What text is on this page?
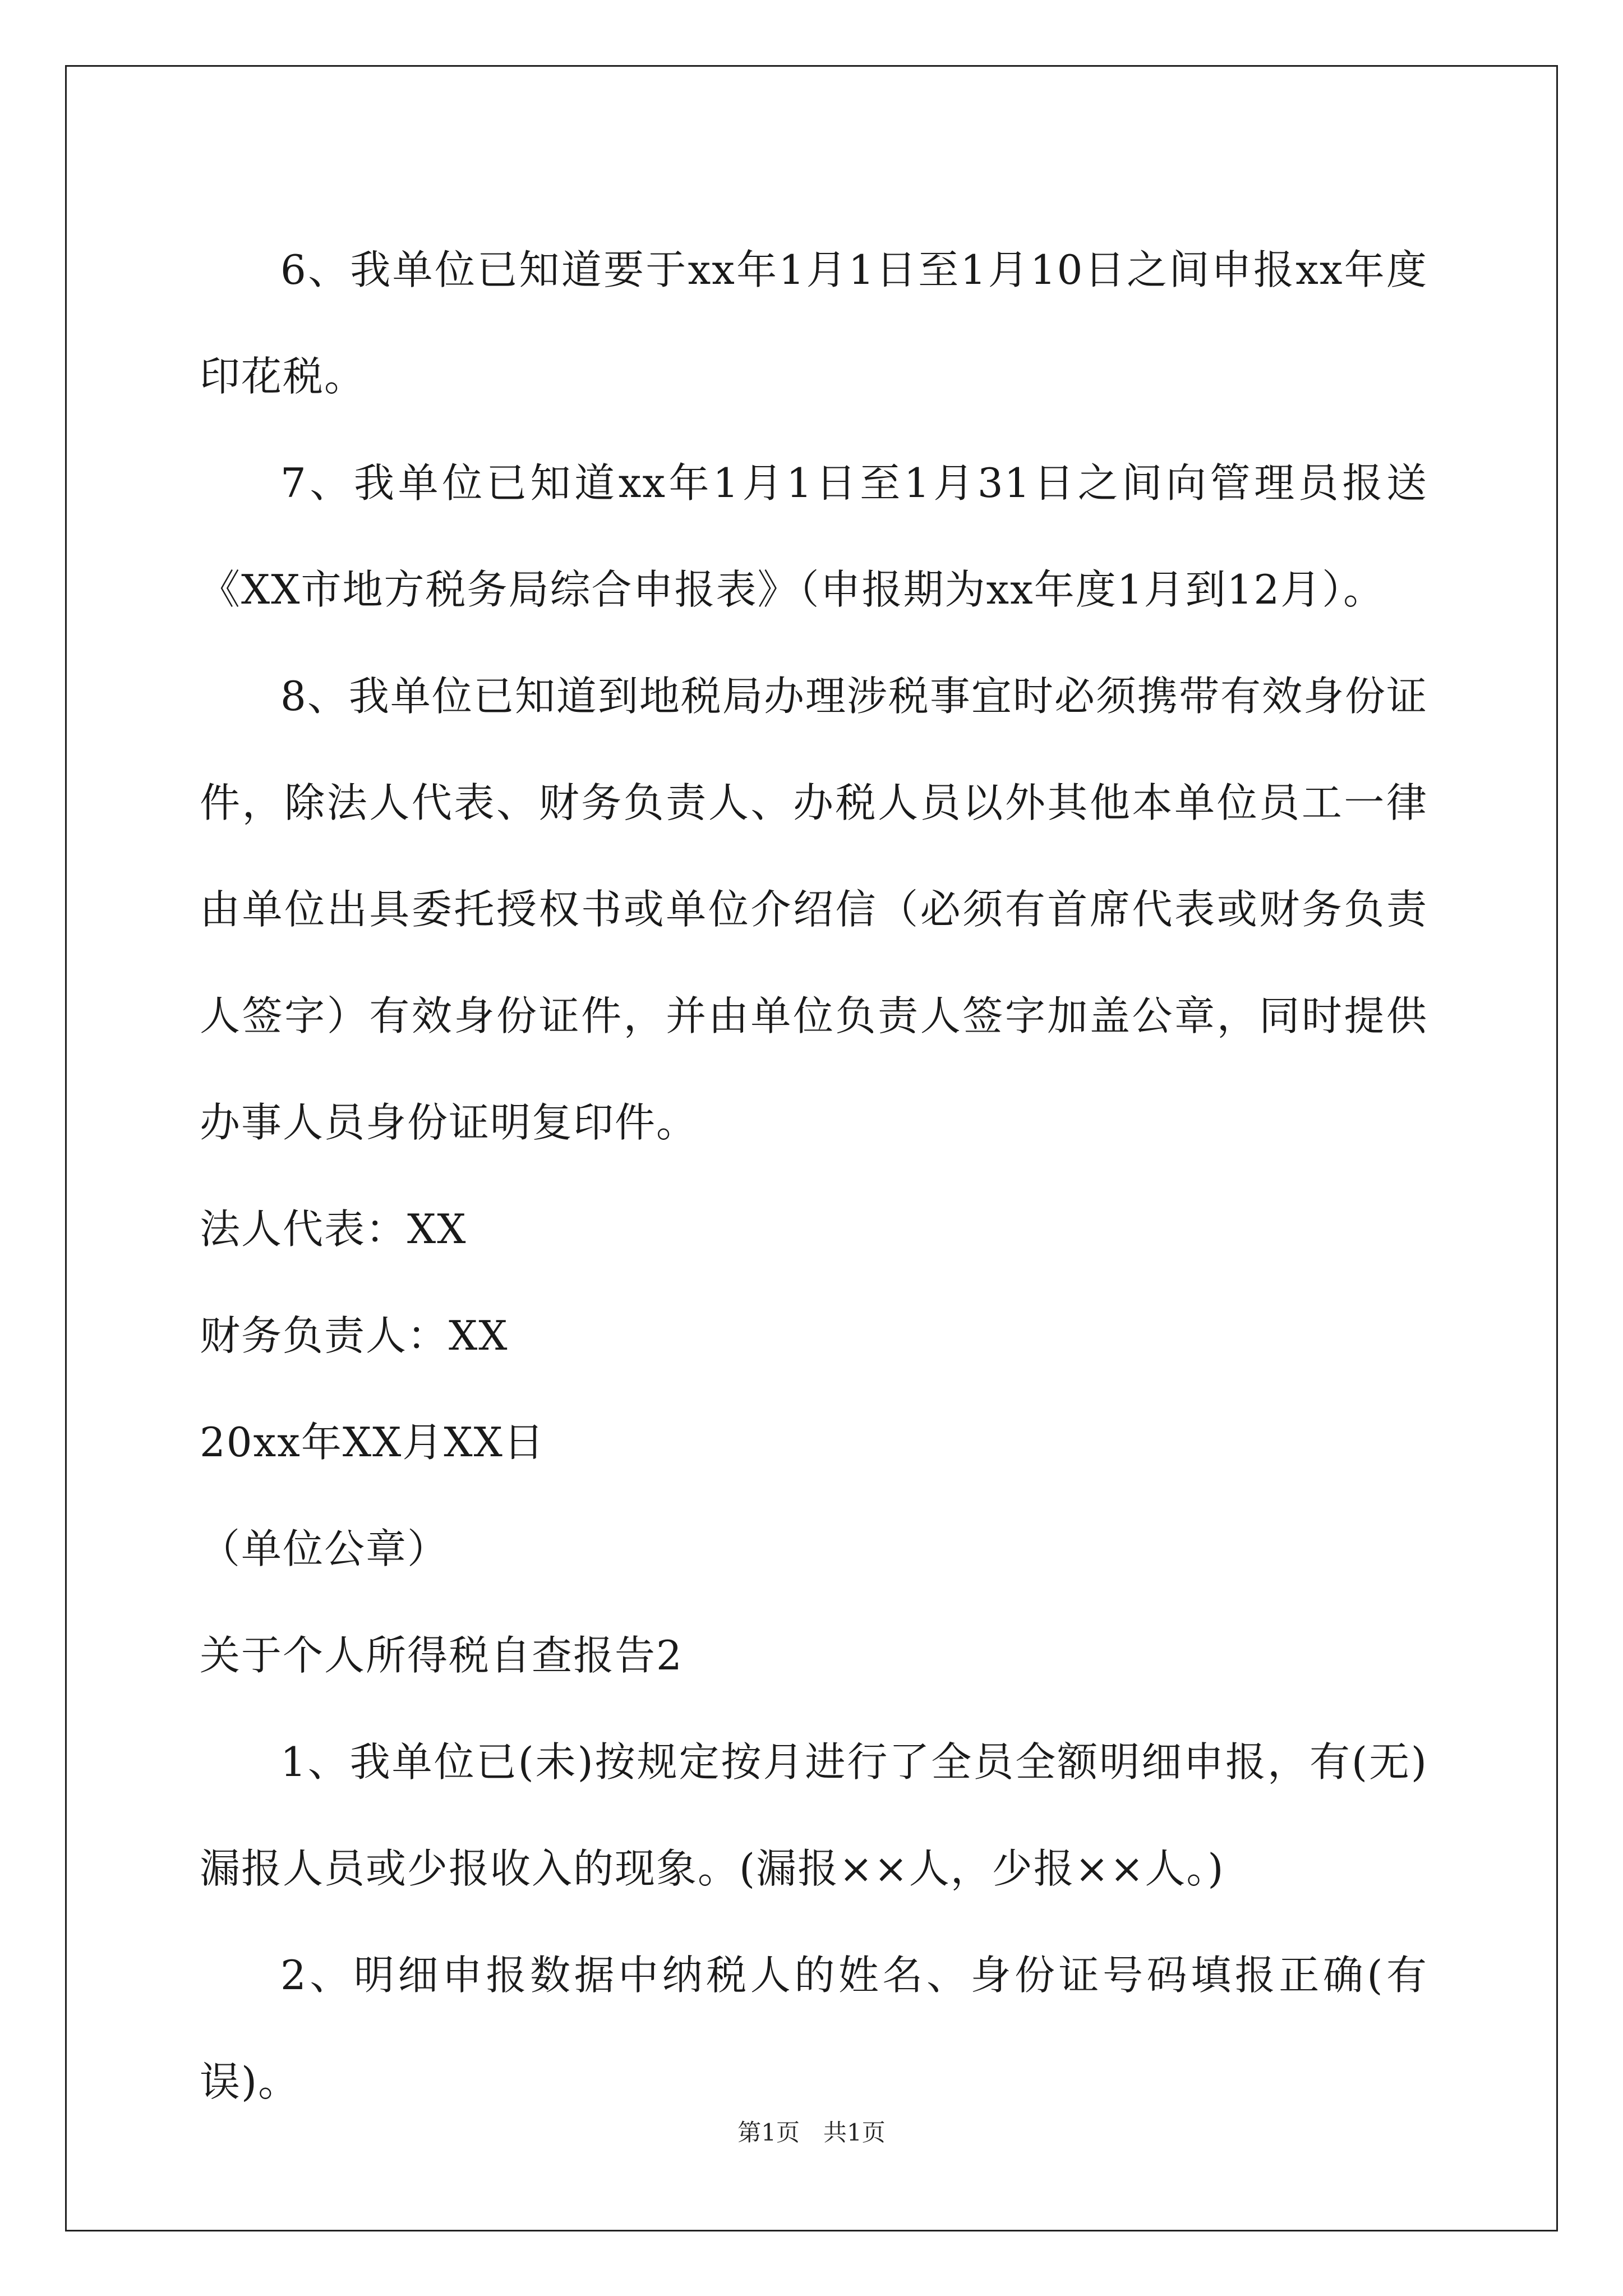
6、我单位已知道要于xx年1月1日至1月10日之间申报xx年度印花税。

7、我单位已知道xx年1月1日至1月31日之间向管理员报送《XX市地方税务局综合申报表》（申报期为xx年度1月到12月）。

8、我单位已知道到地税局办理涉税事宜时必须携带有效身份证件，除法人代表、财务负责人、办税人员以外其他本单位员工一律由单位出具委托授权书或单位介绍信（必须有首席代表或财务负责人签字）有效身份证件，并由单位负责人签字加盖公章，同时提供办事人员身份证明复印件。

法人代表：XX

财务负责人：XX

20xx年XX月XX日

（单位公章）

关于个人所得税自查报告2

1、我单位已(未)按规定按月进行了全员全额明细申报，有(无)漏报人员或少报收入的现象。(漏报××人，少报××人。)

2、明细申报数据中纳税人的姓名、身份证号码填报正确(有误)。

第1页　共1页
